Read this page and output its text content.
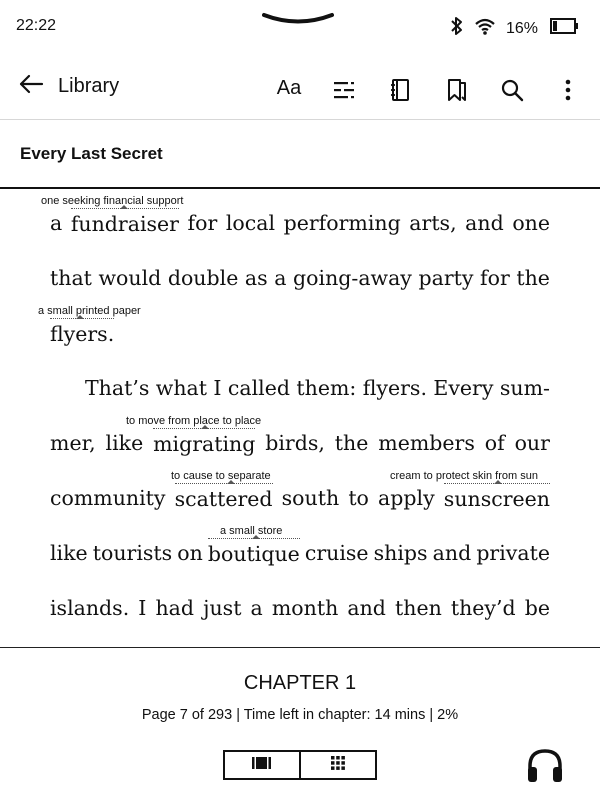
22:22	16%
Library	Aa
Every Last Secret
a fundraiser for local performing arts, and one
that would double as a going-away party for the
flyers.
That’s what I called them: flyers. Every sum-
mer, like migrating birds, the members of our
community scattered south to apply sunscreen
like tourists on boutique cruise ships and private
islands. I had just a month and then they’d be
one seeking financial support
a small printed paper
to move from place to place
to cause to separate	cream to protect skin from sun
a small store
CHAPTER 1
Page 7 of 293 | Time left in chapter: 14 mins | 2%
